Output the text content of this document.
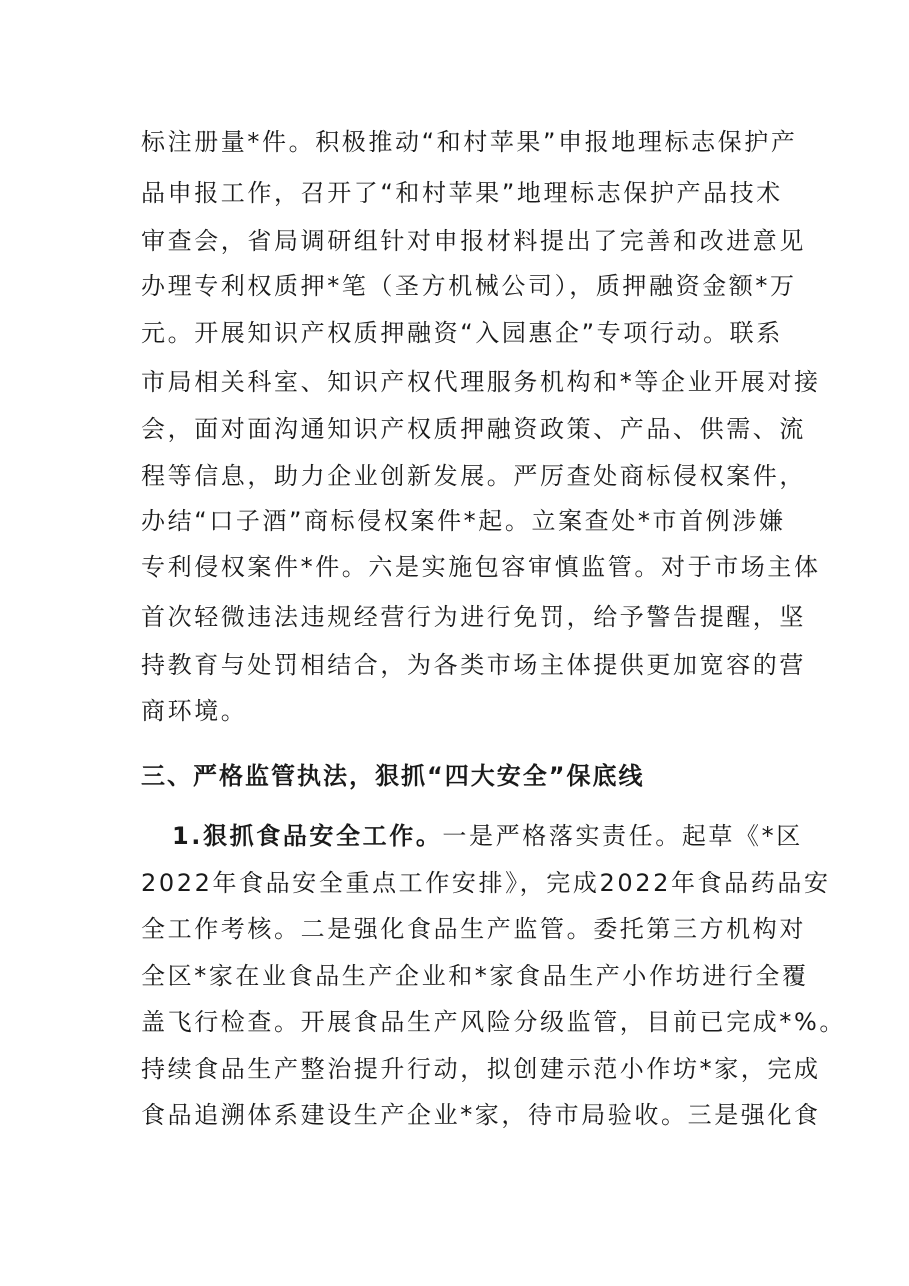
标注册量*件。积极推动“和村苹果”申报地理标志保护产
品申报工作，召开了“和村苹果”地理标志保护产品技术
审查会，省局调研组针对申报材料提出了完善和改进意见
办理专利权质押*笔（圣方机械公司），质押融资金额*万
元。开展知识产权质押融资“入园惠企”专项行动。联系
市局相关科室、知识产权代理服务机构和*等企业开展对接
会，面对面沟通知识产权质押融资政策、产品、供需、流
程等信息，助力企业创新发展。严厉查处商标侵权案件，
办结“口子酒”商标侵权案件*起。立案查处*市首例涉嫌
专利侵权案件*件。六是实施包容审慎监管。对于市场主体
首次轻微违法违规经营行为进行免罚，给予警告提醒，坚
持教育与处罚相结合，为各类市场主体提供更加宽容的营
商环境。
三、严格监管执法，狠抓“四大安全”保底线
1.狠抓食品安全工作。一是严格落实责任。起草《*区
2022年食品安全重点工作安排》，完成2022年食品药品安
全工作考核。二是强化食品生产监管。委托第三方机构对
全区*家在业食品生产企业和*家食品生产小作坊进行全覆
盖飞行检查。开展食品生产风险分级监管，目前已完成*%。
持续食品生产整治提升行动，拟创建示范小作坊*家，完成
食品追溯体系建设生产企业*家，待市局验收。三是强化食
